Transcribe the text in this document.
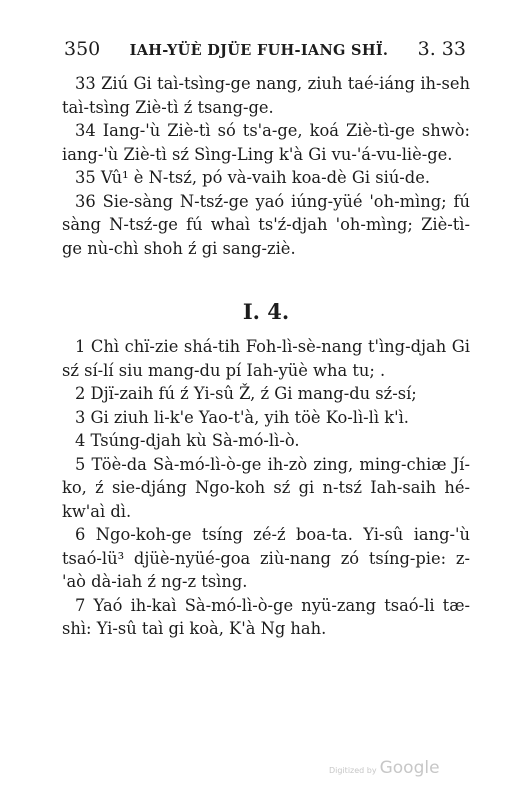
350 IAH-YÜÈ DJÜE FUH-IANG SHÏ. 3. 33

33 Ziú Gi taì-tsìng-ge nang, ziuh taé-iáng ih-seh taì-tsìng Ziè-tì ź tsang-ge.

34 Iang-'ù Ziè-tì só ts'a-ge, koá Ziè-tì-ge shwò: iang-'ù Ziè-tì sź Sìng-Ling k'à Gi vu-'á-vu-liè-ge.

35 Vû¹ è N-tsź, pó và-vaih koa-dè Gi siú-de.

36 Sie-sàng N-tsź-ge yaó iúng-yüé 'oh-mìng; fú sàng N-tsź-ge fú whaì ts'ź-djah 'oh-mìng; Ziè-tì-ge nù-chì shoh ź gi sang-ziè.

I. 4.

1 Chì chï-zie shá-tih Foh-lì-sè-nang t'ìng-djah Gi sź sí-lí siu mang-du pí Iah-yüè wha tu; .

2 Djï-zaih fú ź Yi-sû Ž, ź Gi mang-du sź-sí;

3 Gi ziuh li-k'e Yao-t'à, yih töè Ko-lì-lì k'ì.

4 Tsúng-djah kù Sà-mó-lì-ò.

5 Töè-da Sà-mó-lì-ò-ge ih-zò zing, ming-chiæ Jí-ko, ź sie-djáng Ngo-koh sź gi n-tsź Iah-saih hé-kw'aì dì.

6 Ngo-koh-ge tsíng zé-ź boa-ta. Yi-sû iang-'ù tsaó-lü³ djüè-nyüé-goa ziù-nang zó tsíng-pie: z-'aò dà-iah ź ng-z tsìng.

7 Yaó ih-kaì Sà-mó-lì-ò-ge nyü-zang tsaó-li tæ-shì: Yi-sû taì gi koà, K'à Ng hah.

Digitized by Google
